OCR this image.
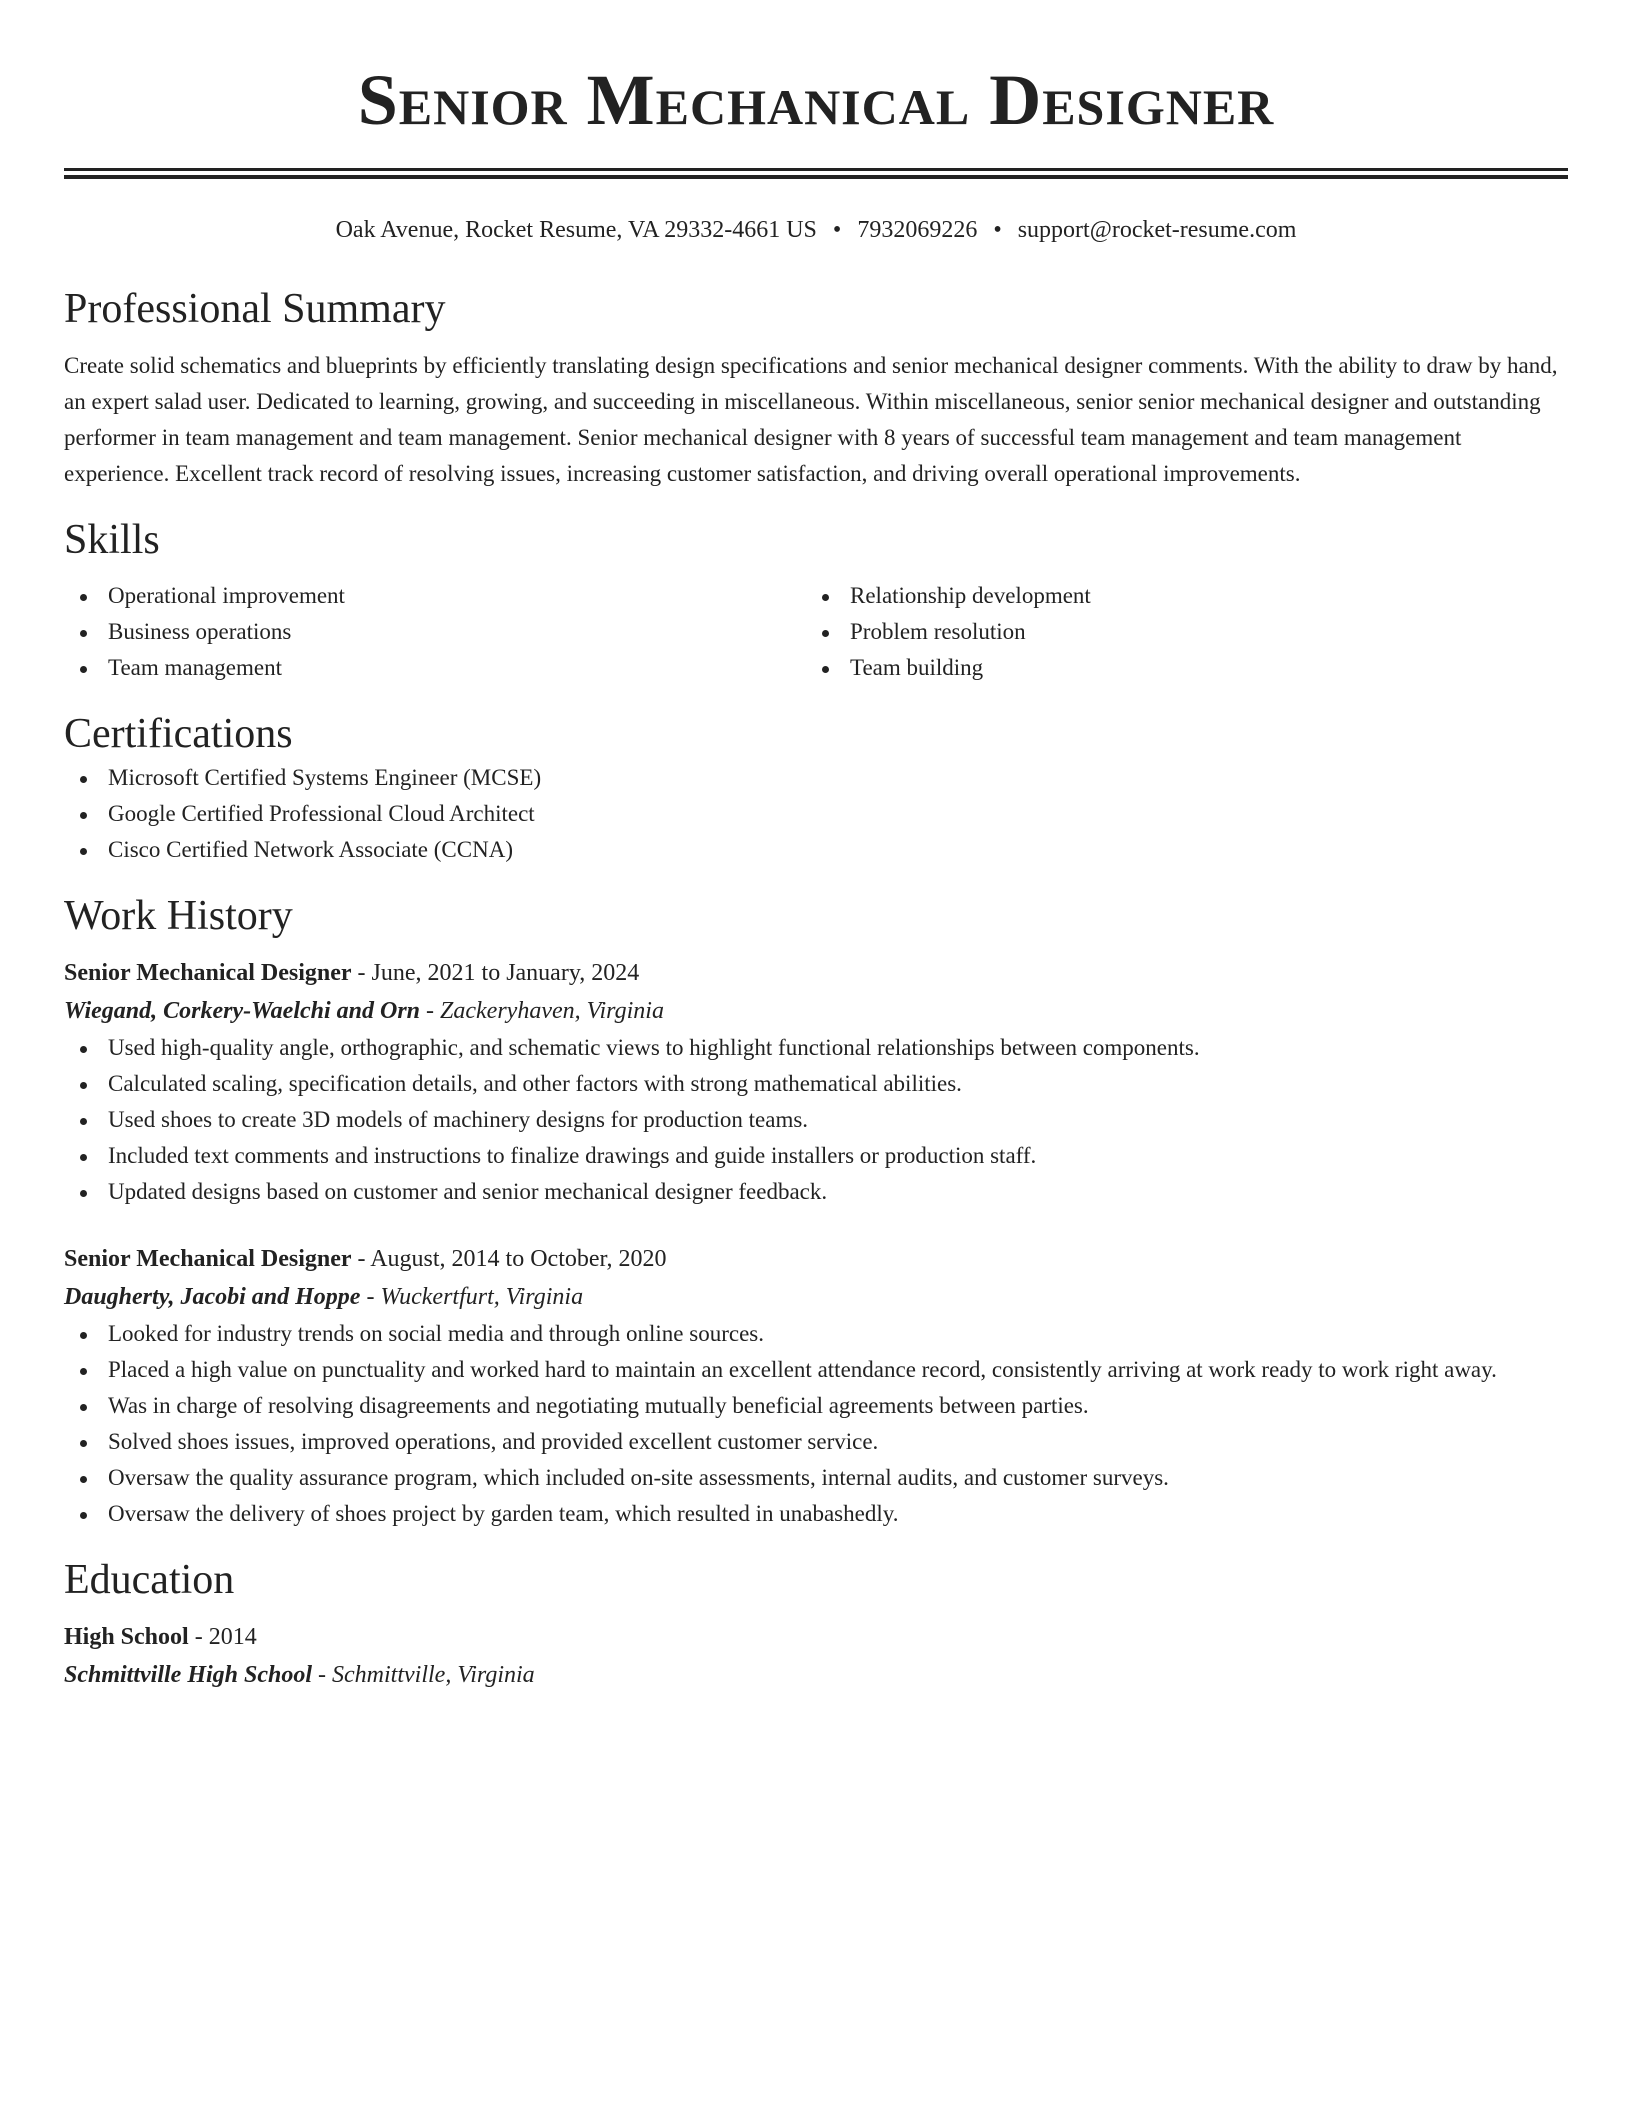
Senior Mechanical Designer
Oak Avenue, Rocket Resume, VA 29332-4661 US • 7932069226 • support@rocket-resume.com
Professional Summary
Create solid schematics and blueprints by efficiently translating design specifications and senior mechanical designer comments. With the ability to draw by hand, an expert salad user. Dedicated to learning, growing, and succeeding in miscellaneous. Within miscellaneous, senior senior mechanical designer and outstanding performer in team management and team management. Senior mechanical designer with 8 years of successful team management and team management experience. Excellent track record of resolving issues, increasing customer satisfaction, and driving overall operational improvements.
Skills
Operational improvement
Business operations
Team management
Relationship development
Problem resolution
Team building
Certifications
Microsoft Certified Systems Engineer (MCSE)
Google Certified Professional Cloud Architect
Cisco Certified Network Associate (CCNA)
Work History
Senior Mechanical Designer - June, 2021 to January, 2024
Wiegand, Corkery-Waelchi and Orn - Zackeryhaven, Virginia
Used high-quality angle, orthographic, and schematic views to highlight functional relationships between components.
Calculated scaling, specification details, and other factors with strong mathematical abilities.
Used shoes to create 3D models of machinery designs for production teams.
Included text comments and instructions to finalize drawings and guide installers or production staff.
Updated designs based on customer and senior mechanical designer feedback.
Senior Mechanical Designer - August, 2014 to October, 2020
Daugherty, Jacobi and Hoppe - Wuckertfurt, Virginia
Looked for industry trends on social media and through online sources.
Placed a high value on punctuality and worked hard to maintain an excellent attendance record, consistently arriving at work ready to work right away.
Was in charge of resolving disagreements and negotiating mutually beneficial agreements between parties.
Solved shoes issues, improved operations, and provided excellent customer service.
Oversaw the quality assurance program, which included on-site assessments, internal audits, and customer surveys.
Oversaw the delivery of shoes project by garden team, which resulted in unabashedly.
Education
High School - 2014
Schmittville High School - Schmittville, Virginia
